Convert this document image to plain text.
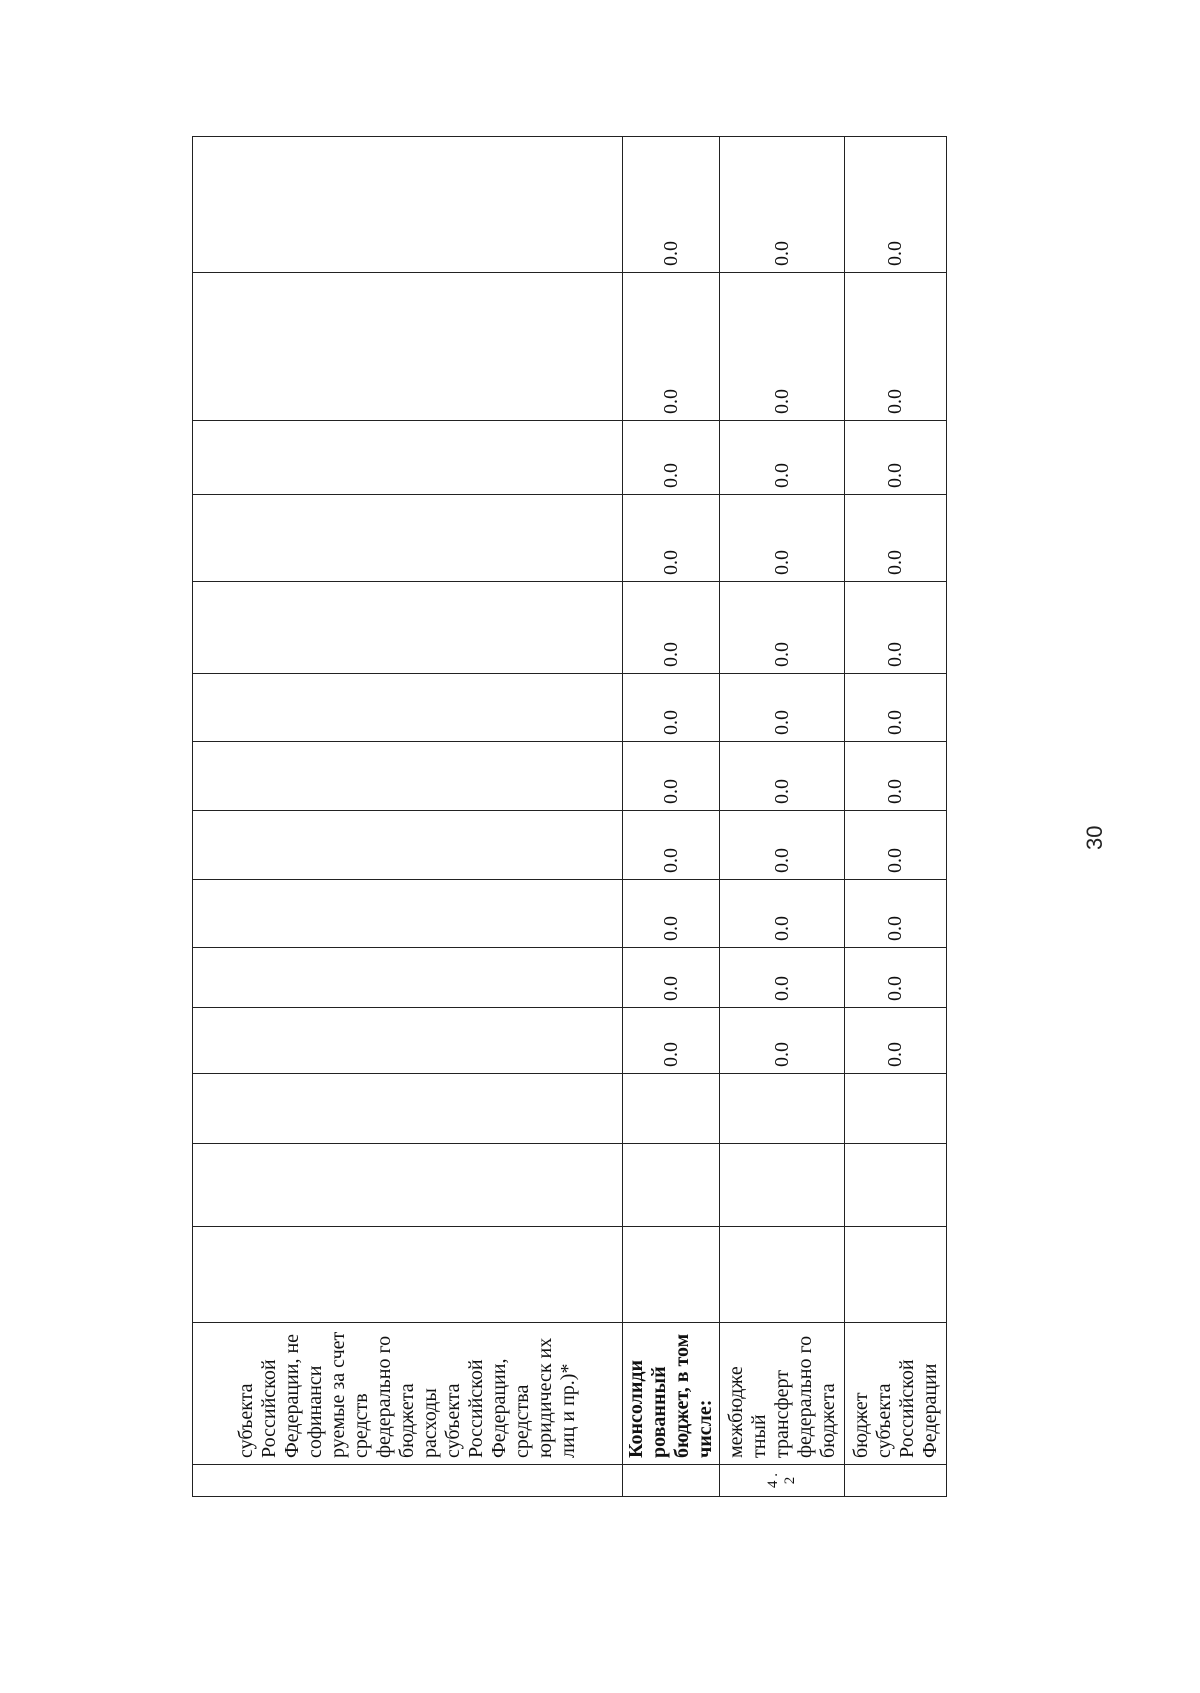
	субъекта Российской Федерации, не софинанси руемые за счет средств федерально го бюджета расходы субъекта Российской Федерации, средства юридическ их лиц и пр.)*														
	Консолиди рованный бюджет, в том числе:				0.0	0.0	0.0	0.0	0.0	0.0	0.0	0.0	0.0	0.0	0.0
4 . 2	межбюдже тный трансферт федерально го бюджета				0.0	0.0	0.0	0.0	0.0	0.0	0.0	0.0	0.0	0.0	0.0
	бюджет субъекта Российской Федерации				0.0	0.0	0.0	0.0	0.0	0.0	0.0	0.0	0.0	0.0	0.0
30
